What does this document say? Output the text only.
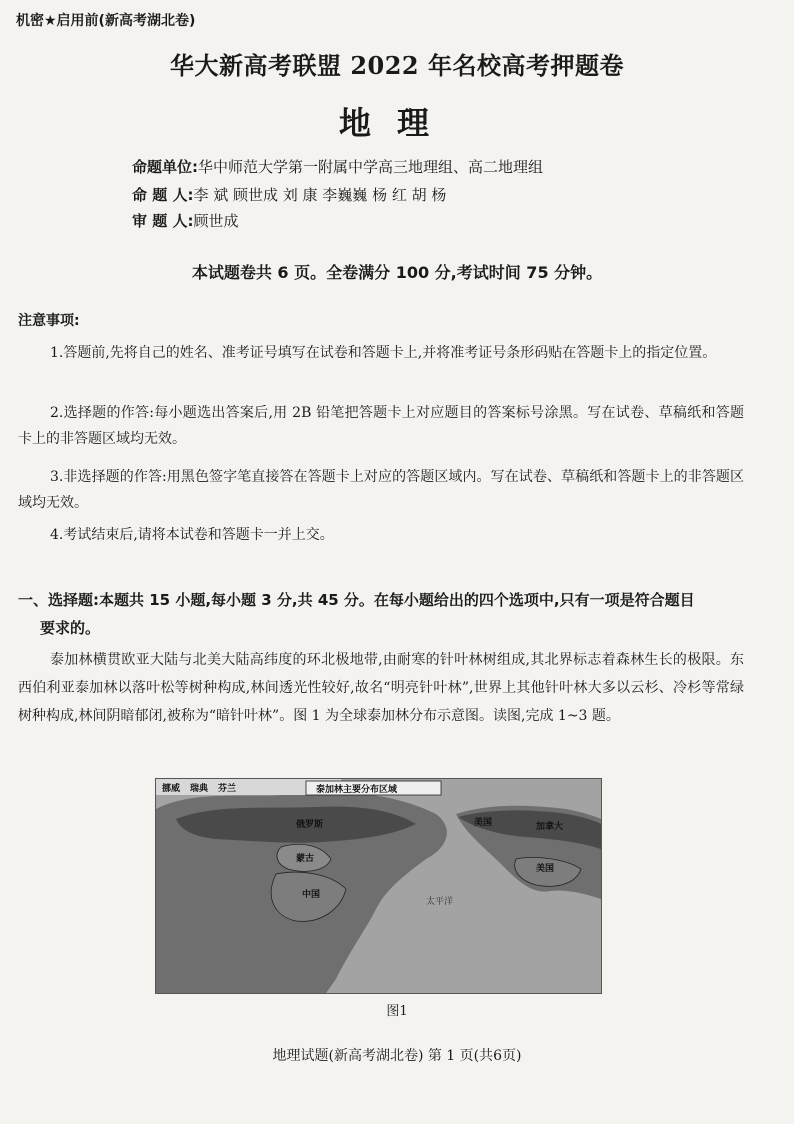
机密★启用前(新高考湖北卷)
华大新高考联盟 2022 年名校高考押题卷
地理
命题单位:华中师范大学第一附属中学高三地理组、高二地理组
命 题 人:李 斌 顾世成 刘 康 李巍巍 杨 红 胡 杨
审 题 人:顾世成
本试题卷共 6 页。全卷满分 100 分,考试时间 75 分钟。
注意事项:
1.答题前,先将自己的姓名、准考证号填写在试卷和答题卡上,并将准考证号条形码贴在答题卡上的指定位置。
2.选择题的作答:每小题选出答案后,用 2B 铅笔把答题卡上对应题目的答案标号涂黑。写在试卷、草稿纸和答题卡上的非答题区域均无效。
3.非选择题的作答:用黑色签字笔直接答在答题卡上对应的答题区域内。写在试卷、草稿纸和答题卡上的非答题区域均无效。
4.考试结束后,请将本试卷和答题卡一并上交。
一、选择题:本题共 15 小题,每小题 3 分,共 45 分。在每小题给出的四个选项中,只有一项是符合题目
要求的。
泰加林横贯欧亚大陆与北美大陆高纬度的环北极地带,由耐寒的针叶林树组成,其北界标志着森林生长的极限。东西伯利亚泰加林以落叶松等树种构成,林间透光性较好,故名“明亮针叶林”,世界上其他针叶林大多以云杉、冷杉等常绿树种构成,林间阴暗郁闭,被称为“暗针叶林”。图 1 为全球泰加林分布示意图。读图,完成 1~3 题。
挪威 瑞典 芬兰	泰加林主要分布区域
俄罗斯
蒙古
中国
美国	加拿大
美国
太平洋
图1
地理试题(新高考湖北卷) 第 1 页(共6页)
